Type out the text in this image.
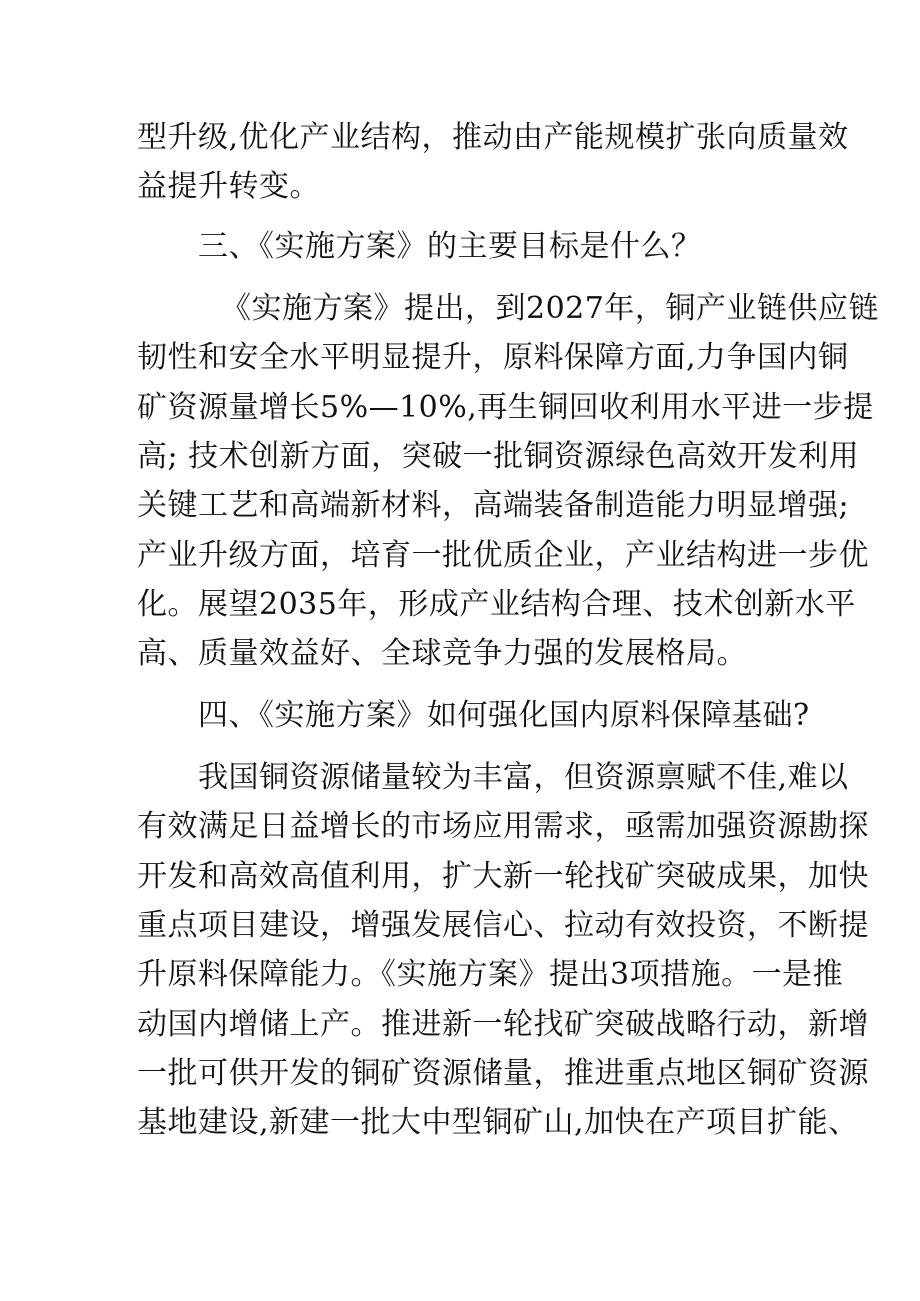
型升级,优化产业结构，推动由产能规模扩张向质量效
益提升转变。
三、《实施方案》的主要目标是什么？
《实施方案》提出，到2027年，铜产业链供应链
韧性和安全水平明显提升，原料保障方面,力争国内铜
矿资源量增长5%—10%,再生铜回收利用水平进一步提
高; 技术创新方面，突破一批铜资源绿色高效开发利用
关键工艺和高端新材料，高端装备制造能力明显增强;
产业升级方面，培育一批优质企业，产业结构进一步优
化。展望2035年，形成产业结构合理、技术创新水平
高、质量效益好、全球竞争力强的发展格局。
四、《实施方案》如何强化国内原料保障基础?
我国铜资源储量较为丰富，但资源禀赋不佳,难以
有效满足日益增长的市场应用需求，亟需加强资源勘探
开发和高效高值利用，扩大新一轮找矿突破成果，加快
重点项目建设，增强发展信心、拉动有效投资，不断提
升原料保障能力。《实施方案》提出3项措施。一是推
动国内增储上产。推进新一轮找矿突破战略行动，新增
一批可供开发的铜矿资源储量，推进重点地区铜矿资源
基地建设,新建一批大中型铜矿山,加快在产项目扩能、
